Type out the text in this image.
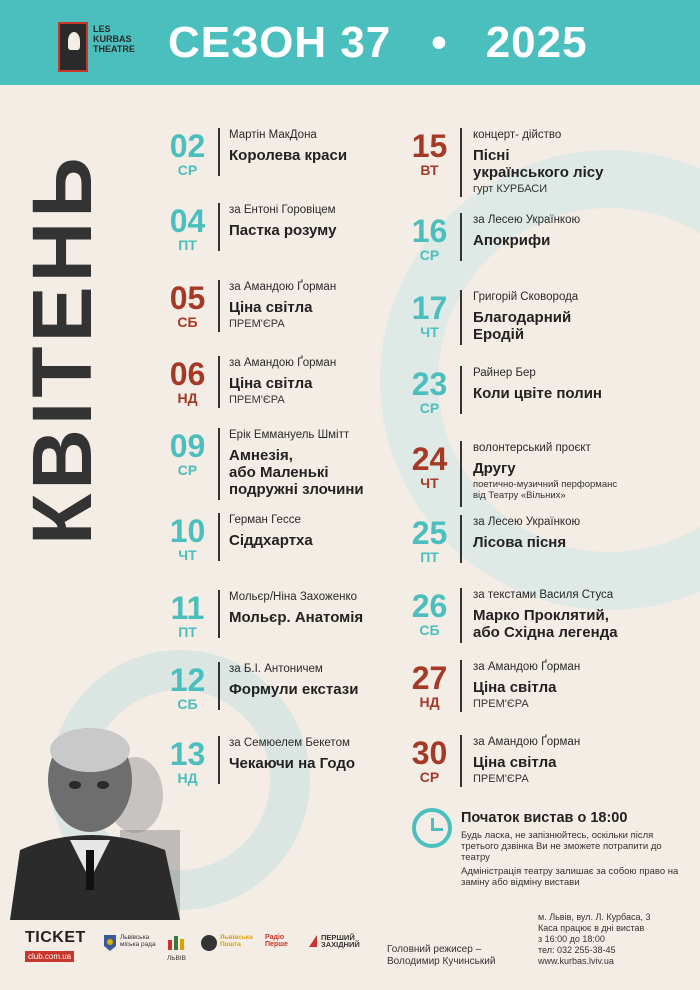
LES
KURBAS
THEATRE СЕЗОН 37 • 2025
КВІТЕНЬ
02
СР
Мартін МакДона
Королева краси
04
ПТ
за Ентоні Горовіцем
Пастка розуму
05
СБ
за Амандою Ґорман
Ціна світла
ПРЕМ'ЄРА
06
НД
за Амандою Ґорман
Ціна світла
ПРЕМ'ЄРА
09
СР
Ерік Еммануель Шмітт
Амнезія,
або Маленькі
подружні злочини
10
ЧТ
Герман Гессе
Сіддхартха
11
ПТ
Мольєр/Ніна Захоженко
Мольєр. Анатомія
12
СБ
за Б.І. Антоничем
Формули екстази
13
НД
за Семюелем Бекетом
Чекаючи на Годо
15
ВТ
концерт- дійство
Пісні
українського лісу
гурт КУРБАСИ
16
СР
за Лесею Українкою
Апокрифи
17
ЧТ
Григорій Сковорода
Благодарний
Еродій
23
СР
Райнер Бер
Коли цвіте полин
24
ЧТ
волонтерський проєкт
Другу
поетично-музичний перформанс
від Театру «Вільних»
25
ПТ
за Лесею Українкою
Лісова пісня
26
СБ
за текстами Василя Стуса
Марко Проклятий,
або Східна легенда
27
НД
за Амандою Ґорман
Ціна світла
ПРЕМ'ЄРА
30
СР
за Амандою Ґорман
Ціна світла
ПРЕМ'ЄРА
Початок вистав о 18:00
Будь ласка, не запізнюйтесь, оскільки після третього дзвінка Ви не зможете потрапити до театру
Адміністрація театру залишає за собою право на заміну або відміну вистави
TICKET
club.com.ua
Львівська міська рада
ЛЬВІВ
Львівська Пошта
Радіо Перше
ПЕРШИЙ ЗАХІДНИЙ	Головний режисер –
Володимир Кучинський
м. Львів, вул. Л. Курбаса, 3
Каса працює в дні вистав
з 16:00 до 18:00
тел: 032 255-38-45
www.kurbas.lviv.ua
